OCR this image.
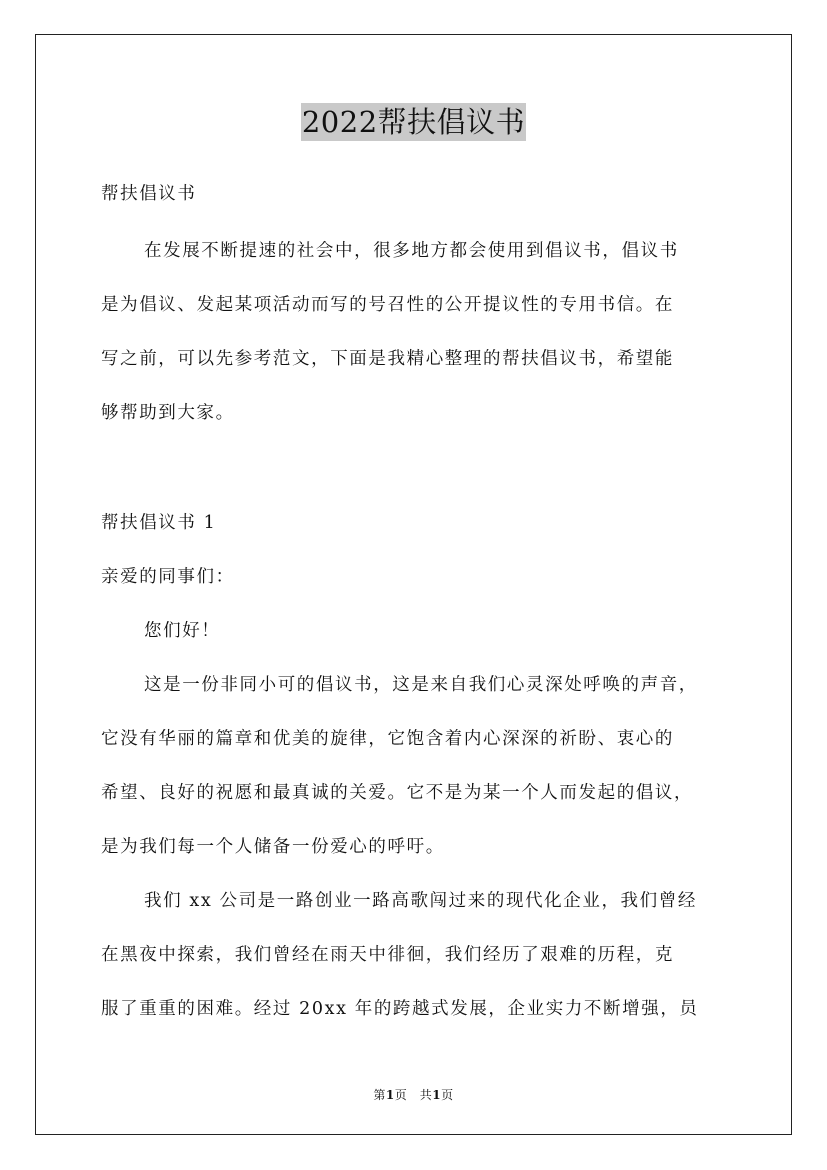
2022帮扶倡议书
帮扶倡议书
在发展不断提速的社会中，很多地方都会使用到倡议书，倡议书
是为倡议、发起某项活动而写的号召性的公开提议性的专用书信。在
写之前，可以先参考范文，下面是我精心整理的帮扶倡议书，希望能
够帮助到大家。
帮扶倡议书 1
亲爱的同事们：
您们好！
这是一份非同小可的倡议书，这是来自我们心灵深处呼唤的声音，
它没有华丽的篇章和优美的旋律，它饱含着内心深深的祈盼、衷心的
希望、良好的祝愿和最真诚的关爱。它不是为某一个人而发起的倡议，
是为我们每一个人储备一份爱心的呼吁。
我们 xx 公司是一路创业一路高歌闯过来的现代化企业，我们曾经
在黑夜中探索，我们曾经在雨天中徘徊，我们经历了艰难的历程，克
服了重重的困难。经过 20xx 年的跨越式发展，企业实力不断增强，员
第1页　共1页
